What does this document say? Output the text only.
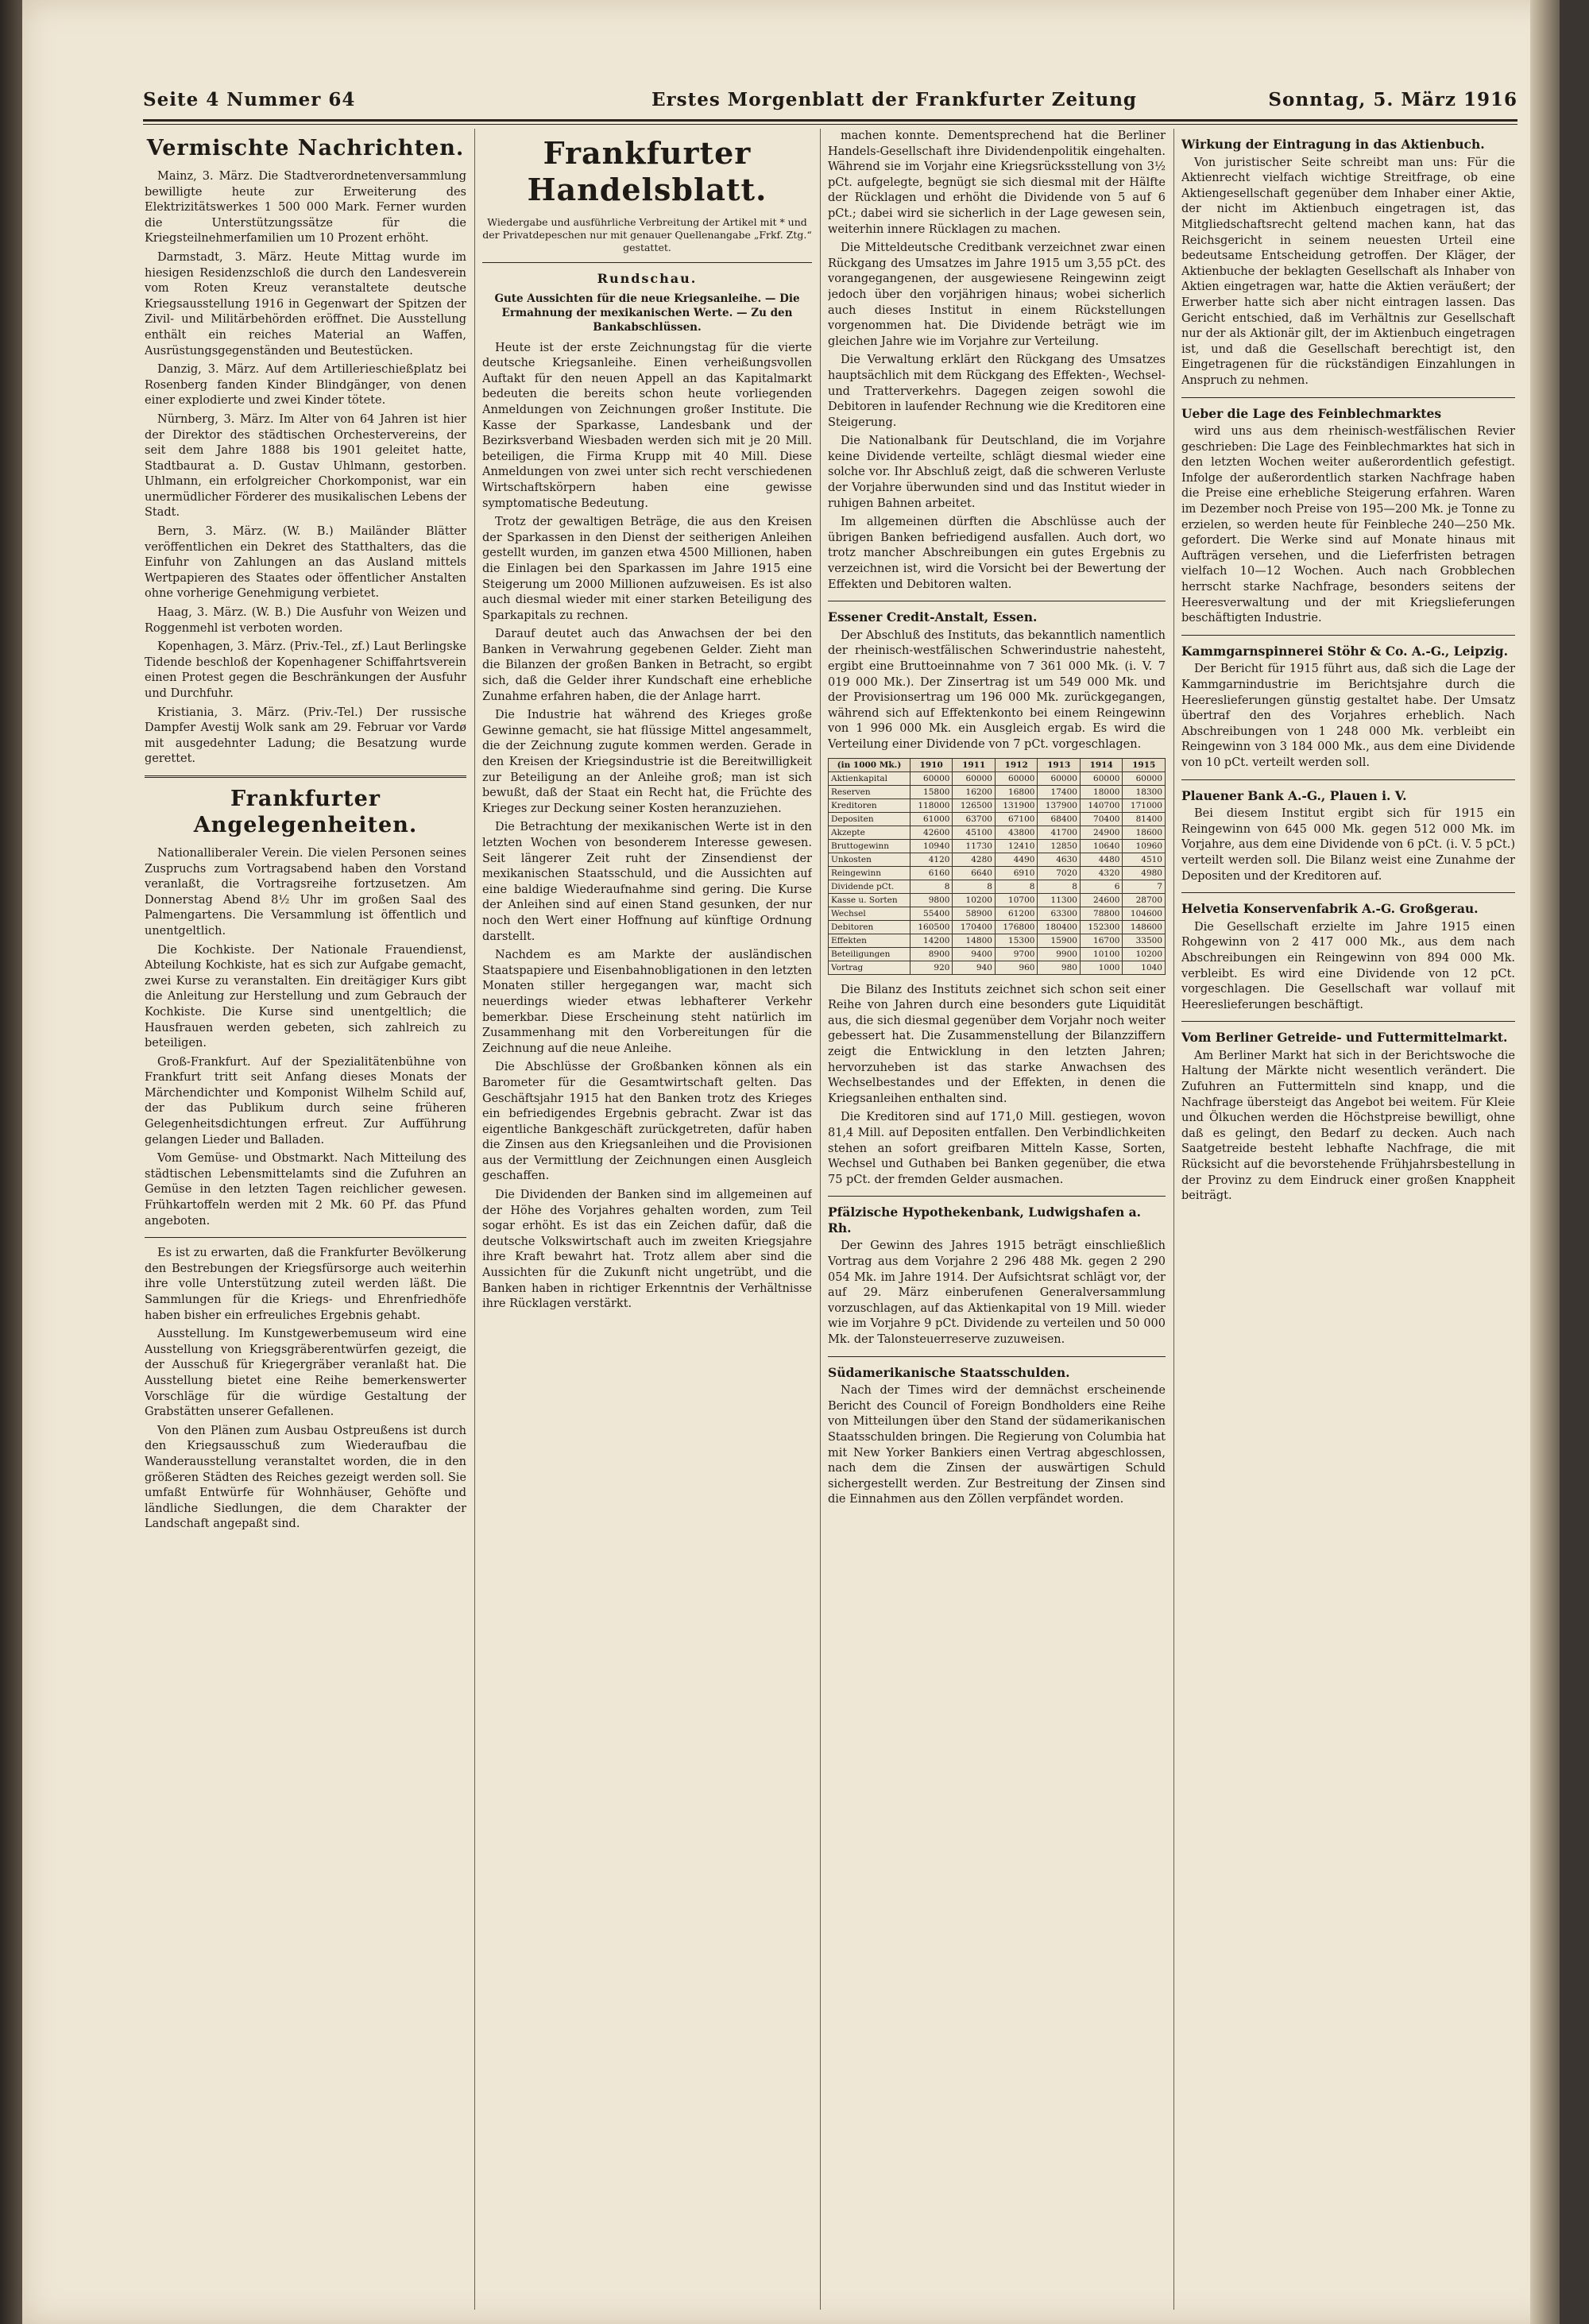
Seite 4 Nummer 64	Erstes Morgenblatt der Frankfurter Zeitung	Sonntag, 5. März 1916
Vermischte Nachrichten.

Mainz, 3. März. Die Stadtverordnetenversammlung bewilligte heute zur Erweiterung des Elektrizitätswerkes 1 500 000 Mark. Ferner wurden die Unterstützungssätze für die Kriegsteilnehmerfamilien um 10 Prozent erhöht.

Darmstadt, 3. März. Heute Mittag wurde im hiesigen Residenzschloß die durch den Landesverein vom Roten Kreuz veranstaltete deutsche Kriegsausstellung 1916 in Gegenwart der Spitzen der Zivil- und Militärbehörden eröffnet. Die Ausstellung enthält ein reiches Material an Waffen, Ausrüstungsgegenständen und Beutestücken.

Danzig, 3. März. Auf dem Artillerieschießplatz bei Rosenberg fanden Kinder Blindgänger, von denen einer explodierte und zwei Kinder tötete.

Nürnberg, 3. März. Im Alter von 64 Jahren ist hier der Direktor des städtischen Orchestervereins, der seit dem Jahre 1888 bis 1901 geleitet hatte, Stadtbaurat a. D. Gustav Uhlmann, gestorben. Uhlmann, ein erfolgreicher Chorkomponist, war ein unermüdlicher Förderer des musikalischen Lebens der Stadt.

Bern, 3. März. (W. B.) Mailänder Blätter veröffentlichen ein Dekret des Statthalters, das die Einfuhr von Zahlungen an das Ausland mittels Wertpapieren des Staates oder öffentlicher Anstalten ohne vorherige Genehmigung verbietet.

Haag, 3. März. (W. B.) Die Ausfuhr von Weizen und Roggenmehl ist verboten worden.

Kopenhagen, 3. März. (Priv.-Tel., zf.) Laut Berlingske Tidende beschloß der Kopenhagener Schiffahrtsverein einen Protest gegen die Beschränkungen der Ausfuhr und Durchfuhr.

Kristiania, 3. März. (Priv.-Tel.) Der russische Dampfer Avestij Wolk sank am 29. Februar vor Vardø mit ausgedehnter Ladung; die Besatzung wurde gerettet.

Frankfurter Angelegenheiten.

Nationalliberaler Verein. Die vielen Personen seines Zuspruchs zum Vortragsabend haben den Vorstand veranlaßt, die Vortragsreihe fortzusetzen. Am Donnerstag Abend 8½ Uhr im großen Saal des Palmengartens. Die Versammlung ist öffentlich und unentgeltlich.

Die Kochkiste. Der Nationale Frauendienst, Abteilung Kochkiste, hat es sich zur Aufgabe gemacht, zwei Kurse zu veranstalten. Ein dreitägiger Kurs gibt die Anleitung zur Herstellung und zum Gebrauch der Kochkiste. Die Kurse sind unentgeltlich; die Hausfrauen werden gebeten, sich zahlreich zu beteiligen.

Groß-Frankfurt. Auf der Spezialitätenbühne von Frankfurt tritt seit Anfang dieses Monats der Märchendichter und Komponist Wilhelm Schild auf, der das Publikum durch seine früheren Gelegenheitsdichtungen erfreut. Zur Aufführung gelangen Lieder und Balladen.

Vom Gemüse- und Obstmarkt. Nach Mitteilung des städtischen Lebensmittelamts sind die Zufuhren an Gemüse in den letzten Tagen reichlicher gewesen. Frühkartoffeln werden mit 2 Mk. 60 Pf. das Pfund angeboten.

Es ist zu erwarten, daß die Frankfurter Bevölkerung den Bestrebungen der Kriegsfürsorge auch weiterhin ihre volle Unterstützung zuteil werden läßt. Die Sammlungen für die Kriegs- und Ehrenfriedhöfe haben bisher ein erfreuliches Ergebnis gehabt.

Ausstellung. Im Kunstgewerbemuseum wird eine Ausstellung von Kriegsgräberentwürfen gezeigt, die der Ausschuß für Kriegergräber veranlaßt hat. Die Ausstellung bietet eine Reihe bemerkenswerter Vorschläge für die würdige Gestaltung der Grabstätten unserer Gefallenen.

Von den Plänen zum Ausbau Ostpreußens ist durch den Kriegsausschuß zum Wiederaufbau die Wanderausstellung veranstaltet worden, die in den größeren Städten des Reiches gezeigt werden soll. Sie umfaßt Entwürfe für Wohnhäuser, Gehöfte und ländliche Siedlungen, die dem Charakter der Landschaft angepaßt sind.

Frankfurter Handelsblatt.
Wiedergabe und ausführliche Verbreitung der Artikel mit * und der Privatdepeschen nur mit genauer Quellenangabe „Frkf. Ztg.“ gestattet.
Rundschau.
Gute Aussichten für die neue Kriegsanleihe. — Die Ermahnung der mexikanischen Werte. — Zu den Bankabschlüssen.

Heute ist der erste Zeichnungstag für die vierte deutsche Kriegsanleihe. Einen verheißungsvollen Auftakt für den neuen Appell an das Kapitalmarkt bedeuten die bereits schon heute vorliegenden Anmeldungen von Zeichnungen großer Institute. Die Kasse der Sparkasse, Landesbank und der Bezirksverband Wiesbaden werden sich mit je 20 Mill. beteiligen, die Firma Krupp mit 40 Mill. Diese Anmeldungen von zwei unter sich recht verschiedenen Wirtschaftskörpern haben eine gewisse symptomatische Bedeutung.

Trotz der gewaltigen Beträge, die aus den Kreisen der Sparkassen in den Dienst der seitherigen Anleihen gestellt wurden, im ganzen etwa 4500 Millionen, haben die Einlagen bei den Sparkassen im Jahre 1915 eine Steigerung um 2000 Millionen aufzuweisen. Es ist also auch diesmal wieder mit einer starken Beteiligung des Sparkapitals zu rechnen.

Darauf deutet auch das Anwachsen der bei den Banken in Verwahrung gegebenen Gelder. Zieht man die Bilanzen der großen Banken in Betracht, so ergibt sich, daß die Gelder ihrer Kundschaft eine erhebliche Zunahme erfahren haben, die der Anlage harrt.

Die Industrie hat während des Krieges große Gewinne gemacht, sie hat flüssige Mittel angesammelt, die der Zeichnung zugute kommen werden. Gerade in den Kreisen der Kriegsindustrie ist die Bereitwilligkeit zur Beteiligung an der Anleihe groß; man ist sich bewußt, daß der Staat ein Recht hat, die Früchte des Krieges zur Deckung seiner Kosten heranzuziehen.

Die Betrachtung der mexikanischen Werte ist in den letzten Wochen von besonderem Interesse gewesen. Seit längerer Zeit ruht der Zinsendienst der mexikanischen Staatsschuld, und die Aussichten auf eine baldige Wiederaufnahme sind gering. Die Kurse der Anleihen sind auf einen Stand gesunken, der nur noch den Wert einer Hoffnung auf künftige Ordnung darstellt.

Nachdem es am Markte der ausländischen Staatspapiere und Eisenbahnobligationen in den letzten Monaten stiller hergegangen war, macht sich neuerdings wieder etwas lebhafterer Verkehr bemerkbar. Diese Erscheinung steht natürlich im Zusammenhang mit den Vorbereitungen für die Zeichnung auf die neue Anleihe.

Die Abschlüsse der Großbanken können als ein Barometer für die Gesamtwirtschaft gelten. Das Geschäftsjahr 1915 hat den Banken trotz des Krieges ein befriedigendes Ergebnis gebracht. Zwar ist das eigentliche Bankgeschäft zurückgetreten, dafür haben die Zinsen aus den Kriegsanleihen und die Provisionen aus der Vermittlung der Zeichnungen einen Ausgleich geschaffen.

Die Dividenden der Banken sind im allgemeinen auf der Höhe des Vorjahres gehalten worden, zum Teil sogar erhöht. Es ist das ein Zeichen dafür, daß die deutsche Volkswirtschaft auch im zweiten Kriegsjahre ihre Kraft bewahrt hat. Trotz allem aber sind die Aussichten für die Zukunft nicht ungetrübt, und die Banken haben in richtiger Erkenntnis der Verhältnisse ihre Rücklagen verstärkt.

machen konnte. Dementsprechend hat die Berliner Handels-Gesellschaft ihre Dividendenpolitik eingehalten. Während sie im Vorjahr eine Kriegsrücksstellung von 3½ pCt. aufgelegte, begnügt sie sich diesmal mit der Hälfte der Rücklagen und erhöht die Dividende von 5 auf 6 pCt.; dabei wird sie sicherlich in der Lage gewesen sein, weiterhin innere Rücklagen zu machen.

Die Mitteldeutsche Creditbank verzeichnet zwar einen Rückgang des Umsatzes im Jahre 1915 um 3,55 pCt. des vorangegangenen, der ausgewiesene Reingewinn zeigt jedoch über den vorjährigen hinaus; wobei sicherlich auch dieses Institut in einem Rückstellungen vorgenommen hat. Die Dividende beträgt wie im gleichen Jahre wie im Vorjahre zur Verteilung.

Die Verwaltung erklärt den Rückgang des Umsatzes hauptsächlich mit dem Rückgang des Effekten-, Wechsel- und Tratterverkehrs. Dagegen zeigen sowohl die Debitoren in laufender Rechnung wie die Kreditoren eine Steigerung.

Die Nationalbank für Deutschland, die im Vorjahre keine Dividende verteilte, schlägt diesmal wieder eine solche vor. Ihr Abschluß zeigt, daß die schweren Verluste der Vorjahre überwunden sind und das Institut wieder in ruhigen Bahnen arbeitet.

Im allgemeinen dürften die Abschlüsse auch der übrigen Banken befriedigend ausfallen. Auch dort, wo trotz mancher Abschreibungen ein gutes Ergebnis zu verzeichnen ist, wird die Vorsicht bei der Bewertung der Effekten und Debitoren walten.

Essener Credit-Anstalt, Essen.

Der Abschluß des Instituts, das bekanntlich namentlich der rheinisch-westfälischen Schwerindustrie nahesteht, ergibt eine Bruttoeinnahme von 7 361 000 Mk. (i. V. 7 019 000 Mk.). Der Zinsertrag ist um 549 000 Mk. und der Provisionsertrag um 196 000 Mk. zurückgegangen, während sich auf Effektenkonto bei einem Reingewinn von 1 996 000 Mk. ein Ausgleich ergab. Es wird die Verteilung einer Dividende von 7 pCt. vorgeschlagen.

(in 1000 Mk.)	1910	1911	1912	1913	1914	1915
Aktienkapital	60000	60000	60000	60000	60000	60000
Reserven	15800	16200	16800	17400	18000	18300
Kreditoren	118000	126500	131900	137900	140700	171000
Depositen	61000	63700	67100	68400	70400	81400
Akzepte	42600	45100	43800	41700	24900	18600
Bruttogewinn	10940	11730	12410	12850	10640	10960
Unkosten	4120	4280	4490	4630	4480	4510
Reingewinn	6160	6640	6910	7020	4320	4980
Dividende pCt.	8	8	8	8	6	7
Kasse u. Sorten	9800	10200	10700	11300	24600	28700
Wechsel	55400	58900	61200	63300	78800	104600
Debitoren	160500	170400	176800	180400	152300	148600
Effekten	14200	14800	15300	15900	16700	33500
Beteiligungen	8900	9400	9700	9900	10100	10200
Vortrag	920	940	960	980	1000	1040

Die Bilanz des Instituts zeichnet sich schon seit einer Reihe von Jahren durch eine besonders gute Liquidität aus, die sich diesmal gegenüber dem Vorjahr noch weiter gebessert hat. Die Zusammenstellung der Bilanzziffern zeigt die Entwicklung in den letzten Jahren; hervorzuheben ist das starke Anwachsen des Wechselbestandes und der Effekten, in denen die Kriegsanleihen enthalten sind.

Die Kreditoren sind auf 171,0 Mill. gestiegen, wovon 81,4 Mill. auf Depositen entfallen. Den Verbindlichkeiten stehen an sofort greifbaren Mitteln Kasse, Sorten, Wechsel und Guthaben bei Banken gegenüber, die etwa 75 pCt. der fremden Gelder ausmachen.

Pfälzische Hypothekenbank, Ludwigshafen a. Rh.

Der Gewinn des Jahres 1915 beträgt einschließlich Vortrag aus dem Vorjahre 2 296 488 Mk. gegen 2 290 054 Mk. im Jahre 1914. Der Aufsichtsrat schlägt vor, der auf 29. März einberufenen Generalversammlung vorzuschlagen, auf das Aktienkapital von 19 Mill. wieder wie im Vorjahre 9 pCt. Dividende zu verteilen und 50 000 Mk. der Talonsteuerreserve zuzuweisen.

Südamerikanische Staatsschulden.

Nach der Times wird der demnächst erscheinende Bericht des Council of Foreign Bondholders eine Reihe von Mitteilungen über den Stand der südamerikanischen Staatsschulden bringen. Die Regierung von Columbia hat mit New Yorker Bankiers einen Vertrag abgeschlossen, nach dem die Zinsen der auswärtigen Schuld sichergestellt werden. Zur Bestreitung der Zinsen sind die Einnahmen aus den Zöllen verpfändet worden.

Wirkung der Eintragung in das Aktienbuch.

Von juristischer Seite schreibt man uns: Für die Aktienrecht vielfach wichtige Streitfrage, ob eine Aktiengesellschaft gegenüber dem Inhaber einer Aktie, der nicht im Aktienbuch eingetragen ist, das Mitgliedschaftsrecht geltend machen kann, hat das Reichsgericht in seinem neuesten Urteil eine bedeutsame Entscheidung getroffen. Der Kläger, der Aktienbuche der beklagten Gesellschaft als Inhaber von Aktien eingetragen war, hatte die Aktien veräußert; der Erwerber hatte sich aber nicht eintragen lassen. Das Gericht entschied, daß im Verhältnis zur Gesellschaft nur der als Aktionär gilt, der im Aktienbuch eingetragen ist, und daß die Gesellschaft berechtigt ist, den Eingetragenen für die rückständigen Einzahlungen in Anspruch zu nehmen.

Ueber die Lage des Feinblechmarktes

wird uns aus dem rheinisch-westfälischen Revier geschrieben: Die Lage des Feinblechmarktes hat sich in den letzten Wochen weiter außerordentlich gefestigt. Infolge der außerordentlich starken Nachfrage haben die Preise eine erhebliche Steigerung erfahren. Waren im Dezember noch Preise von 195—200 Mk. je Tonne zu erzielen, so werden heute für Feinbleche 240—250 Mk. gefordert. Die Werke sind auf Monate hinaus mit Aufträgen versehen, und die Lieferfristen betragen vielfach 10—12 Wochen. Auch nach Grobblechen herrscht starke Nachfrage, besonders seitens der Heeresverwaltung und der mit Kriegslieferungen beschäftigten Industrie.

Kammgarnspinnerei Stöhr & Co. A.-G., Leipzig.

Der Bericht für 1915 führt aus, daß sich die Lage der Kammgarnindustrie im Berichtsjahre durch die Heereslieferungen günstig gestaltet habe. Der Umsatz übertraf den des Vorjahres erheblich. Nach Abschreibungen von 1 248 000 Mk. verbleibt ein Reingewinn von 3 184 000 Mk., aus dem eine Dividende von 10 pCt. verteilt werden soll.

Plauener Bank A.-G., Plauen i. V.

Bei diesem Institut ergibt sich für 1915 ein Reingewinn von 645 000 Mk. gegen 512 000 Mk. im Vorjahre, aus dem eine Dividende von 6 pCt. (i. V. 5 pCt.) verteilt werden soll. Die Bilanz weist eine Zunahme der Depositen und der Kreditoren auf.

Helvetia Konservenfabrik A.-G. Großgerau.

Die Gesellschaft erzielte im Jahre 1915 einen Rohgewinn von 2 417 000 Mk., aus dem nach Abschreibungen ein Reingewinn von 894 000 Mk. verbleibt. Es wird eine Dividende von 12 pCt. vorgeschlagen. Die Gesellschaft war vollauf mit Heereslieferungen beschäftigt.

Vom Berliner Getreide- und Futtermittelmarkt.

Am Berliner Markt hat sich in der Berichtswoche die Haltung der Märkte nicht wesentlich verändert. Die Zufuhren an Futtermitteln sind knapp, und die Nachfrage übersteigt das Angebot bei weitem. Für Kleie und Ölkuchen werden die Höchstpreise bewilligt, ohne daß es gelingt, den Bedarf zu decken. Auch nach Saatgetreide besteht lebhafte Nachfrage, die mit Rücksicht auf die bevorstehende Frühjahrsbestellung in der Provinz zu dem Eindruck einer großen Knappheit beiträgt.
